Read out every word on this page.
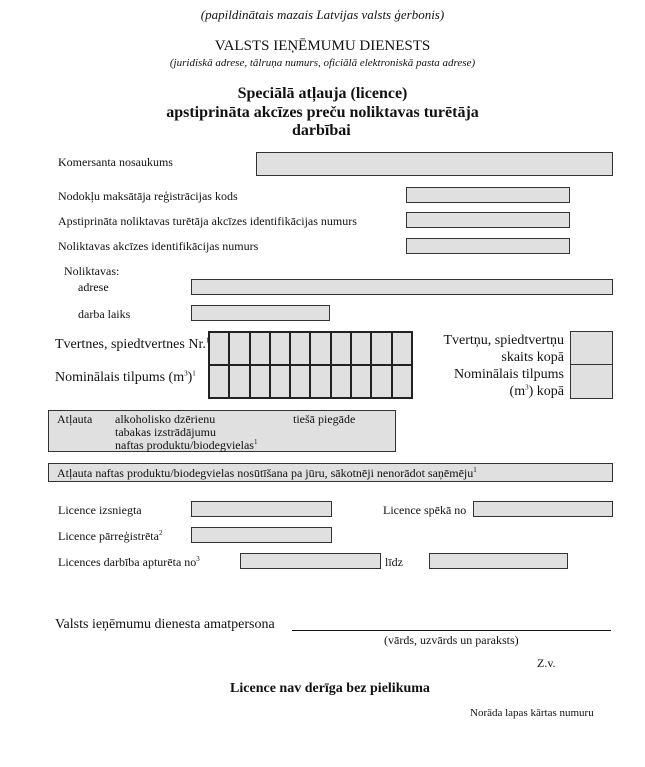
(papildinātais mazais Latvijas valsts ģerbonis)
VALSTS IEŅĒMUMU DIENESTS
(juridiskā adrese, tālruņa numurs, oficiālā elektroniskā pasta adrese)
Speciālā atļauja (licence)
apstiprināta akcīzes preču noliktavas turētāja
darbībai
Komersanta nosaukums
Nodokļu maksātāja reģistrācijas kods
Apstiprināta noliktavas turētāja akcīzes identifikācijas numurs
Noliktavas akcīzes identifikācijas numurs
Noliktavas:
adrese
darba laiks
Tvertnes, spiedtvertnes Nr.$^1$
Nominālais tilpums $(m^3)^1$
Tvertņu, spiedtvertņu
skaits kopā
Nominālais tilpums
$(m^3)$ kopā
Atļauta alkoholisko dzērienu
tabakas izstrādājumu
naftas produktu/biodegvielas$^1$
tiešā piegāde
Atļauta naftas produktu/biodegvielas nosūtīšana pa jūru, sākotnēji nenorādot saņēmēju$^1$
Licence izsniegta	Licence spēkā no
Licence pārreģistrēta$^2$
Licences darbība apturēta $no^3$	līdz
Valsts ieņēmumu dienesta amatpersona
(vārds, uzvārds un paraksts)
Z.v.
Licence nav derīga bez pielikuma
Norāda lapas kārtas numuru
